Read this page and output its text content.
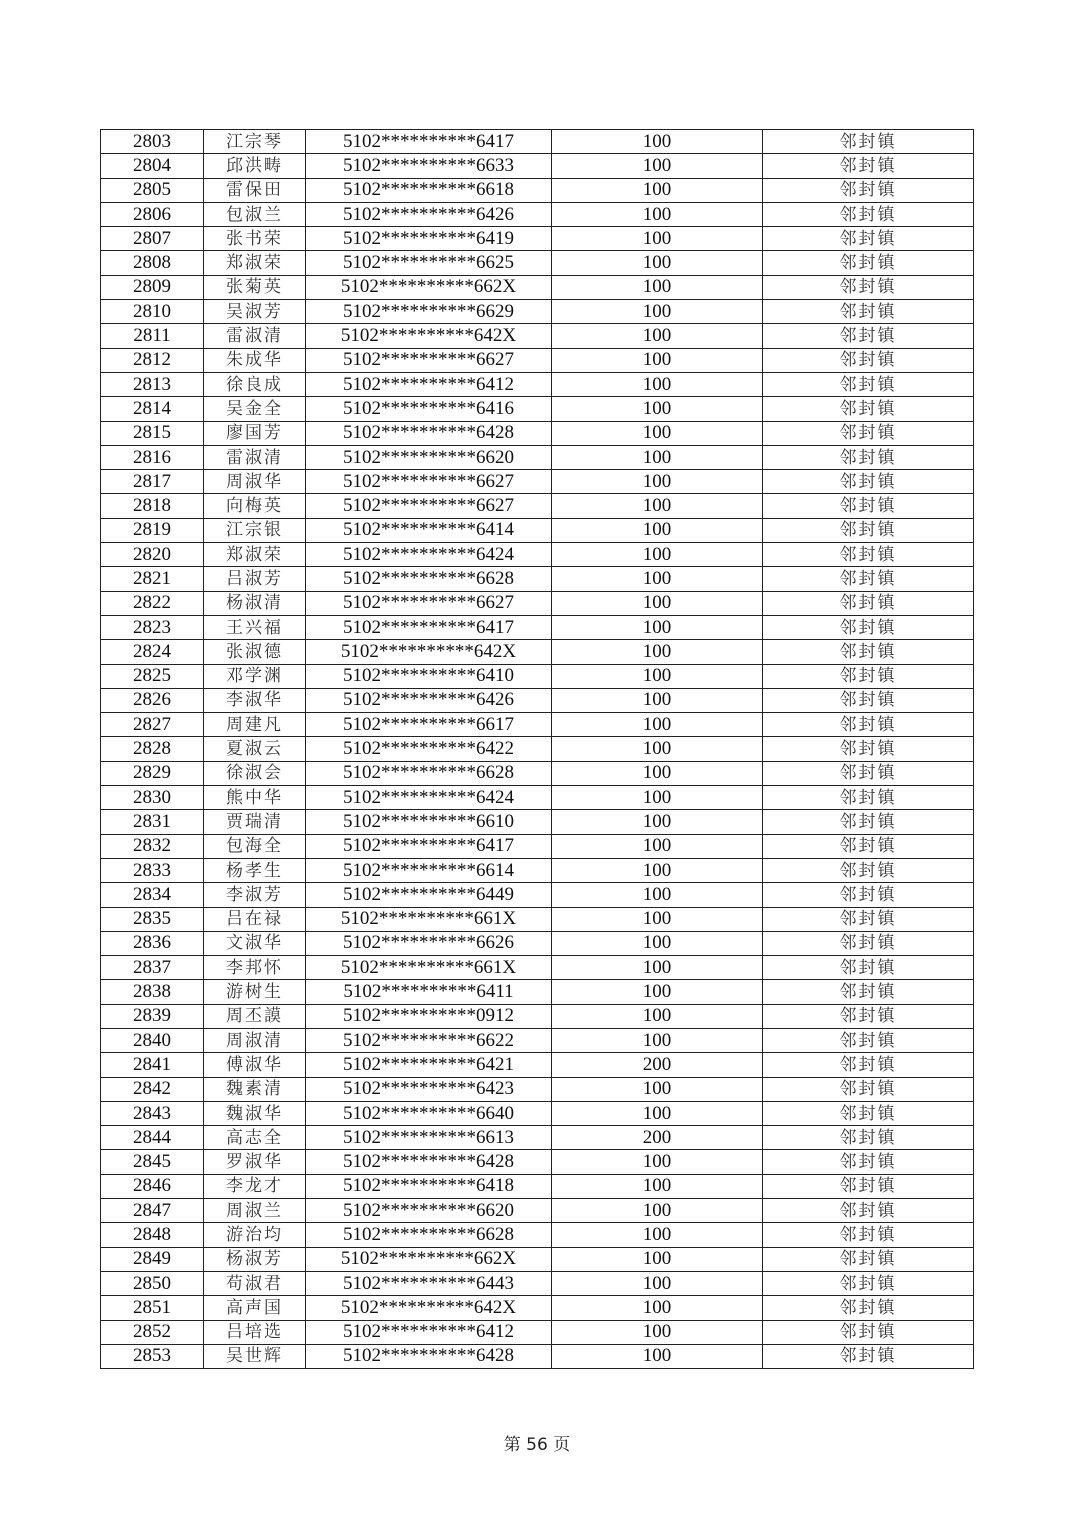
2803	江宗琴	5102**********6417	100	邻封镇
2804	邱洪畴	5102**********6633	100	邻封镇
2805	雷保田	5102**********6618	100	邻封镇
2806	包淑兰	5102**********6426	100	邻封镇
2807	张书荣	5102**********6419	100	邻封镇
2808	郑淑荣	5102**********6625	100	邻封镇
2809	张菊英	5102**********662X	100	邻封镇
2810	吴淑芳	5102**********6629	100	邻封镇
2811	雷淑清	5102**********642X	100	邻封镇
2812	朱成华	5102**********6627	100	邻封镇
2813	徐良成	5102**********6412	100	邻封镇
2814	吴金全	5102**********6416	100	邻封镇
2815	廖国芳	5102**********6428	100	邻封镇
2816	雷淑清	5102**********6620	100	邻封镇
2817	周淑华	5102**********6627	100	邻封镇
2818	向梅英	5102**********6627	100	邻封镇
2819	江宗银	5102**********6414	100	邻封镇
2820	郑淑荣	5102**********6424	100	邻封镇
2821	吕淑芳	5102**********6628	100	邻封镇
2822	杨淑清	5102**********6627	100	邻封镇
2823	王兴福	5102**********6417	100	邻封镇
2824	张淑德	5102**********642X	100	邻封镇
2825	邓学渊	5102**********6410	100	邻封镇
2826	李淑华	5102**********6426	100	邻封镇
2827	周建凡	5102**********6617	100	邻封镇
2828	夏淑云	5102**********6422	100	邻封镇
2829	徐淑会	5102**********6628	100	邻封镇
2830	熊中华	5102**********6424	100	邻封镇
2831	贾瑞清	5102**********6610	100	邻封镇
2832	包海全	5102**********6417	100	邻封镇
2833	杨孝生	5102**********6614	100	邻封镇
2834	李淑芳	5102**********6449	100	邻封镇
2835	吕在禄	5102**********661X	100	邻封镇
2836	文淑华	5102**********6626	100	邻封镇
2837	李邦怀	5102**********661X	100	邻封镇
2838	游树生	5102**********6411	100	邻封镇
2839	周丕謨	5102**********0912	100	邻封镇
2840	周淑清	5102**********6622	100	邻封镇
2841	傅淑华	5102**********6421	200	邻封镇
2842	魏素清	5102**********6423	100	邻封镇
2843	魏淑华	5102**********6640	100	邻封镇
2844	高志全	5102**********6613	200	邻封镇
2845	罗淑华	5102**********6428	100	邻封镇
2846	李龙才	5102**********6418	100	邻封镇
2847	周淑兰	5102**********6620	100	邻封镇
2848	游治均	5102**********6628	100	邻封镇
2849	杨淑芳	5102**********662X	100	邻封镇
2850	苟淑君	5102**********6443	100	邻封镇
2851	高声国	5102**********642X	100	邻封镇
2852	吕培选	5102**********6412	100	邻封镇
2853	吴世辉	5102**********6428	100	邻封镇
第 56 页
